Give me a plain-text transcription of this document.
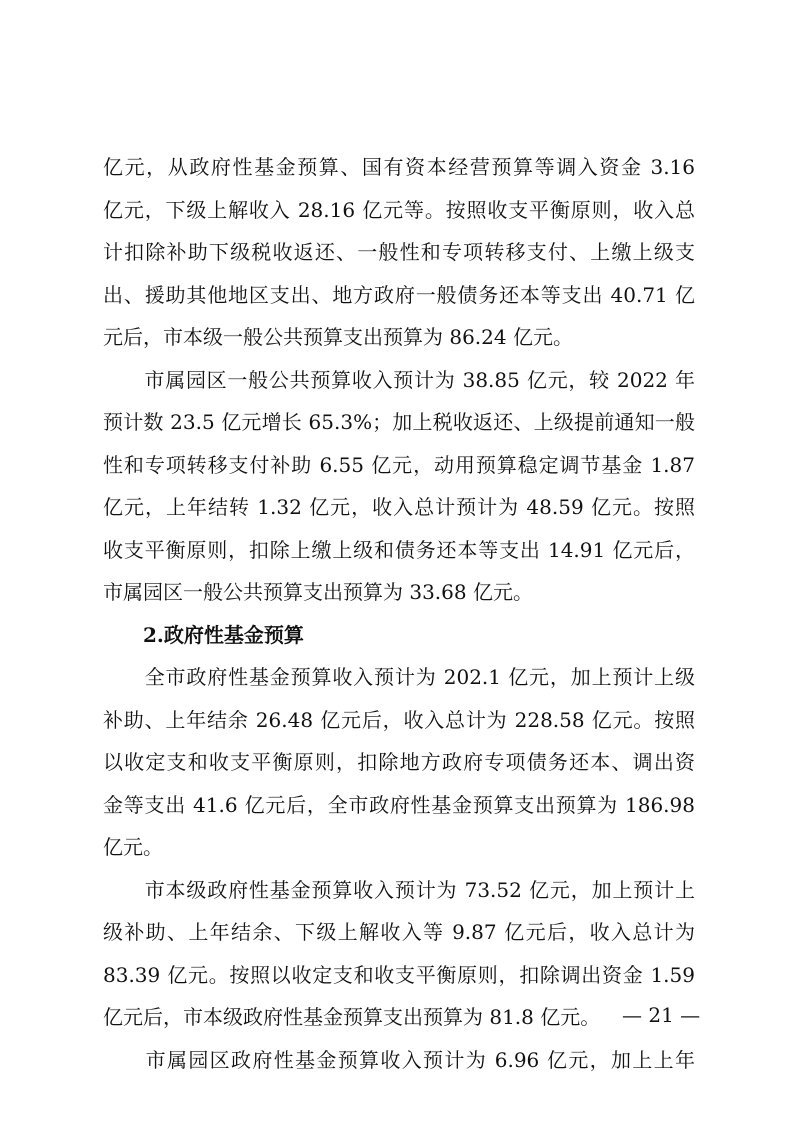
亿元，从政府性基金预算、国有资本经营预算等调入资金 3.16

亿元，下级上解收入 28.16 亿元等。按照收支平衡原则，收入总

计扣除补助下级税收返还、一般性和专项转移支付、上缴上级支

出、援助其他地区支出、地方政府一般债务还本等支出 40.71 亿

元后，市本级一般公共预算支出预算为 86.24 亿元。

　　市属园区一般公共预算收入预计为 38.85 亿元，较 2022 年

预计数 23.5 亿元增长 65.3%；加上税收返还、上级提前通知一般

性和专项转移支付补助 6.55 亿元，动用预算稳定调节基金 1.87

亿元，上年结转 1.32 亿元，收入总计预计为 48.59 亿元。按照

收支平衡原则，扣除上缴上级和债务还本等支出 14.91 亿元后，

市属园区一般公共预算支出预算为 33.68 亿元。

2.政府性基金预算

　　全市政府性基金预算收入预计为 202.1 亿元，加上预计上级

补助、上年结余 26.48 亿元后，收入总计为 228.58 亿元。按照

以收定支和收支平衡原则，扣除地方政府专项债务还本、调出资

金等支出 41.6 亿元后，全市政府性基金预算支出预算为 186.98

亿元。

　　市本级政府性基金预算收入预计为 73.52 亿元，加上预计上

级补助、上年结余、下级上解收入等 9.87 亿元后，收入总计为

83.39 亿元。按照以收定支和收支平衡原则，扣除调出资金 1.59

亿元后，市本级政府性基金预算支出预算为 81.8 亿元。

　　市属园区政府性基金预算收入预计为 6.96 亿元，加上上年

— 21 —
